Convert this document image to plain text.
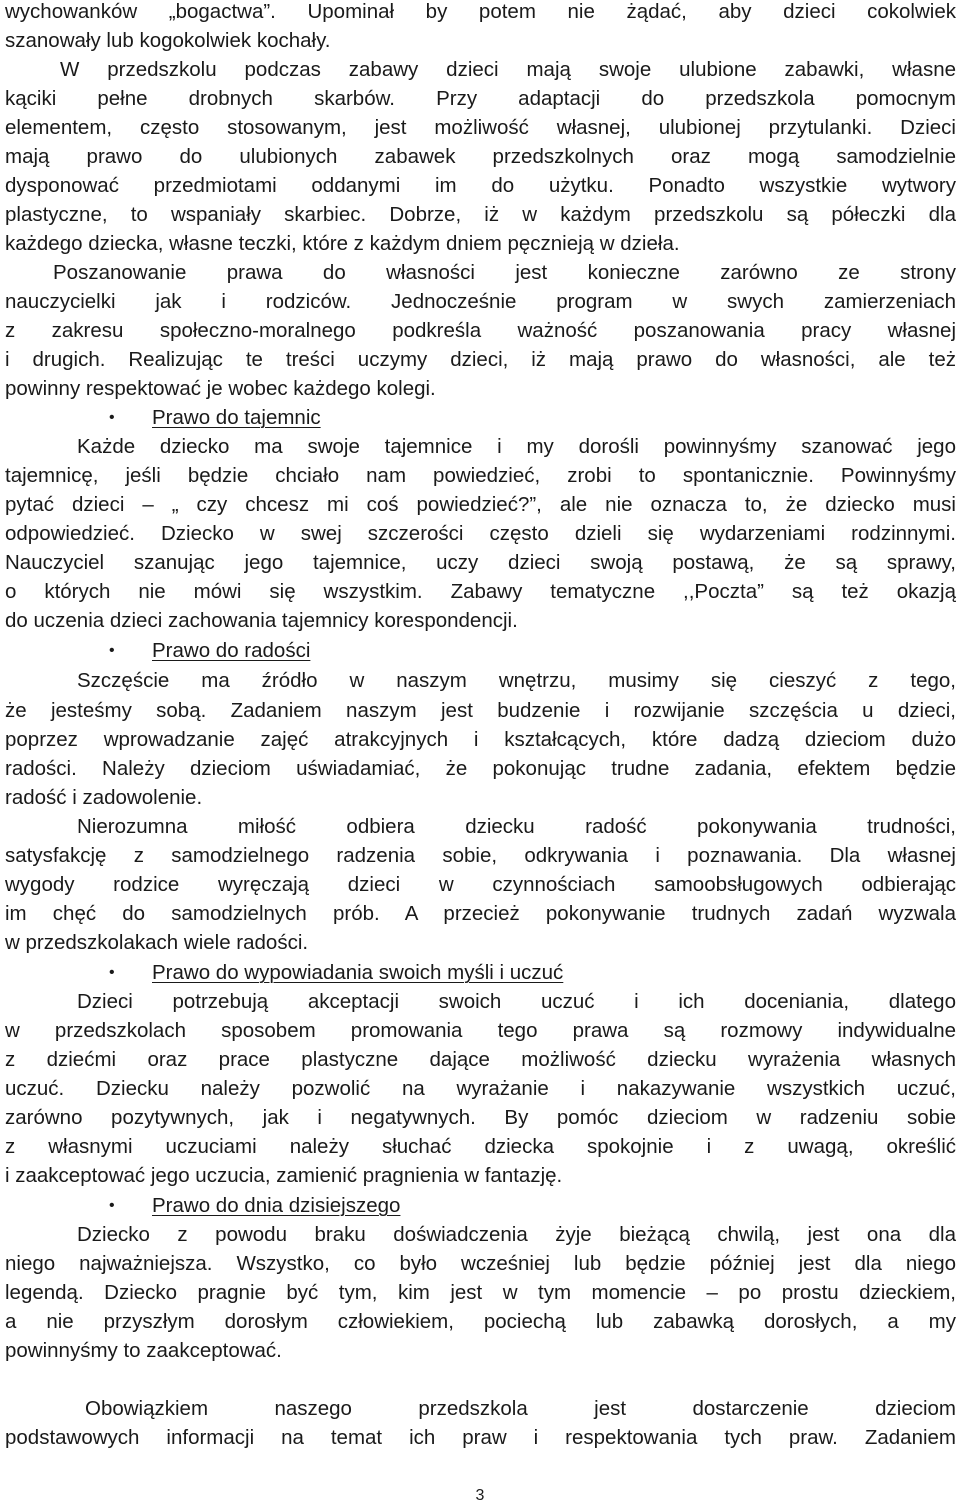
wychowanków „bogactwa”. Upominał by potem nie żądać, aby dzieci cokolwiek
szanowały lub kogokolwiek kochały.
W przedszkolu podczas zabawy dzieci mają swoje ulubione zabawki, własne
kąciki pełne drobnych skarbów. Przy adaptacji do przedszkola pomocnym
elementem, często stosowanym, jest możliwość własnej, ulubionej przytulanki. Dzieci
mają prawo do ulubionych zabawek przedszkolnych oraz mogą samodzielnie
dysponować przedmiotami oddanymi im do użytku. Ponadto wszystkie wytwory
plastyczne, to wspaniały skarbiec. Dobrze, iż w każdym przedszkolu są półeczki dla
każdego dziecka, własne teczki, które z każdym dniem pęcznieją w dzieła.
Poszanowanie prawa do własności jest konieczne zarówno ze strony
nauczycielki jak i rodziców. Jednocześnie program w swych zamierzeniach
z zakresu społeczno-moralnego podkreśla ważność poszanowania pracy własnej
i drugich. Realizując te treści uczymy dzieci, iż mają prawo do własności, ale też
powinny respektować je wobec każdego kolegi.
• Prawo do tajemnic
Każde dziecko ma swoje tajemnice i my dorośli powinnyśmy szanować jego
tajemnicę, jeśli będzie chciało nam powiedzieć, zrobi to spontanicznie. Powinnyśmy
pytać dzieci – „ czy chcesz mi coś powiedzieć?”, ale nie oznacza to, że dziecko musi
odpowiedzieć. Dziecko w swej szczerości często dzieli się wydarzeniami rodzinnymi.
Nauczyciel szanując jego tajemnice, uczy dzieci swoją postawą, że są sprawy,
o których nie mówi się wszystkim. Zabawy tematyczne ,,Poczta” są też okazją
do uczenia dzieci zachowania tajemnicy korespondencji.
• Prawo do radości
Szczęście ma źródło w naszym wnętrzu, musimy się cieszyć z tego,
że jesteśmy sobą. Zadaniem naszym jest budzenie i rozwijanie szczęścia u dzieci,
poprzez wprowadzanie zajęć atrakcyjnych i kształcących, które dadzą dzieciom dużo
radości. Należy dzieciom uświadamiać, że pokonując trudne zadania, efektem będzie
radość i zadowolenie.
Nierozumna miłość odbiera dziecku radość pokonywania trudności,
satysfakcję z samodzielnego radzenia sobie, odkrywania i poznawania. Dla własnej
wygody rodzice wyręczają dzieci w czynnościach samoobsługowych odbierając
im chęć do samodzielnych prób. A przecież pokonywanie trudnych zadań wyzwala
w przedszkolakach wiele radości.
• Prawo do wypowiadania swoich myśli i uczuć
Dzieci potrzebują akceptacji swoich uczuć i ich doceniania, dlatego
w przedszkolach sposobem promowania tego prawa są rozmowy indywidualne
z dziećmi oraz prace plastyczne dające możliwość dziecku wyrażenia własnych
uczuć. Dziecku należy pozwolić na wyrażanie i nakazywanie wszystkich uczuć,
zarówno pozytywnych, jak i negatywnych. By pomóc dzieciom w radzeniu sobie
z własnymi uczuciami należy słuchać dziecka spokojnie i z uwagą, określić
i zaakceptować jego uczucia, zamienić pragnienia w fantazję.
• Prawo do dnia dzisiejszego
Dziecko z powodu braku doświadczenia żyje bieżącą chwilą, jest ona dla
niego najważniejsza. Wszystko, co było wcześniej lub będzie później jest dla niego
legendą. Dziecko pragnie być tym, kim jest w tym momencie – po prostu dzieckiem,
a nie przyszłym dorosłym człowiekiem, pociechą lub zabawką dorosłych, a my
powinnyśmy to zaakceptować.
Obowiązkiem naszego przedszkola jest dostarczenie dzieciom
podstawowych informacji na temat ich praw i respektowania tych praw. Zadaniem
3
